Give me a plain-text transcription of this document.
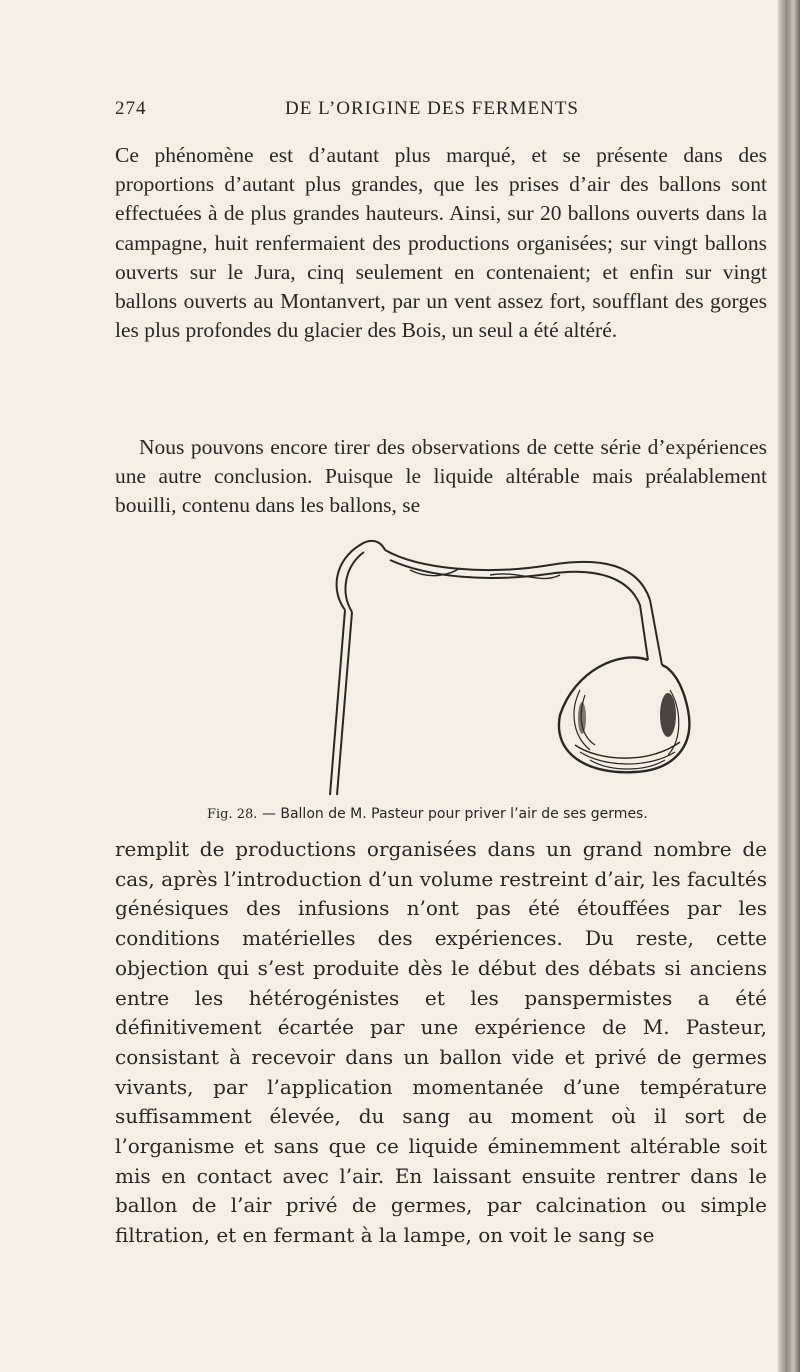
274	DE L’ORIGINE DES FERMENTS

Ce phénomène est d’autant plus marqué, et se présente dans des proportions d’autant plus grandes, que les prises d’air des ballons sont effectuées à de plus grandes hauteurs. Ainsi, sur 20 ballons ouverts dans la campagne, huit renfermaient des productions organisées; sur vingt ballons ouverts sur le Jura, cinq seulement en contenaient; et enfin sur vingt ballons ouverts au Montanvert, par un vent assez fort, soufflant des gorges les plus profondes du glacier des Bois, un seul a été altéré.

Nous pouvons encore tirer des observations de cette série d’expériences une autre conclusion. Puisque le liquide altérable mais préalablement bouilli, contenu dans les ballons, se

Fig. 28. — Ballon de M. Pasteur pour priver l’air de ses germes.

remplit de productions organisées dans un grand nombre de cas, après l’introduction d’un volume restreint d’air, les facultés génésiques des infusions n’ont pas été étouffées par les conditions matérielles des expériences. Du reste, cette objection qui s’est produite dès le début des débats si anciens entre les hétérogénistes et les panspermistes a été définitivement écartée par une expérience de M. Pasteur, consistant à recevoir dans un ballon vide et privé de germes vivants, par l’application momentanée d’une température suffisamment élevée, du sang au moment où il sort de l’organisme et sans que ce liquide éminemment altérable soit mis en contact avec l’air. En laissant ensuite rentrer dans le ballon de l’air privé de germes, par calcination ou simple filtration, et en fermant à la lampe, on voit le sang se
